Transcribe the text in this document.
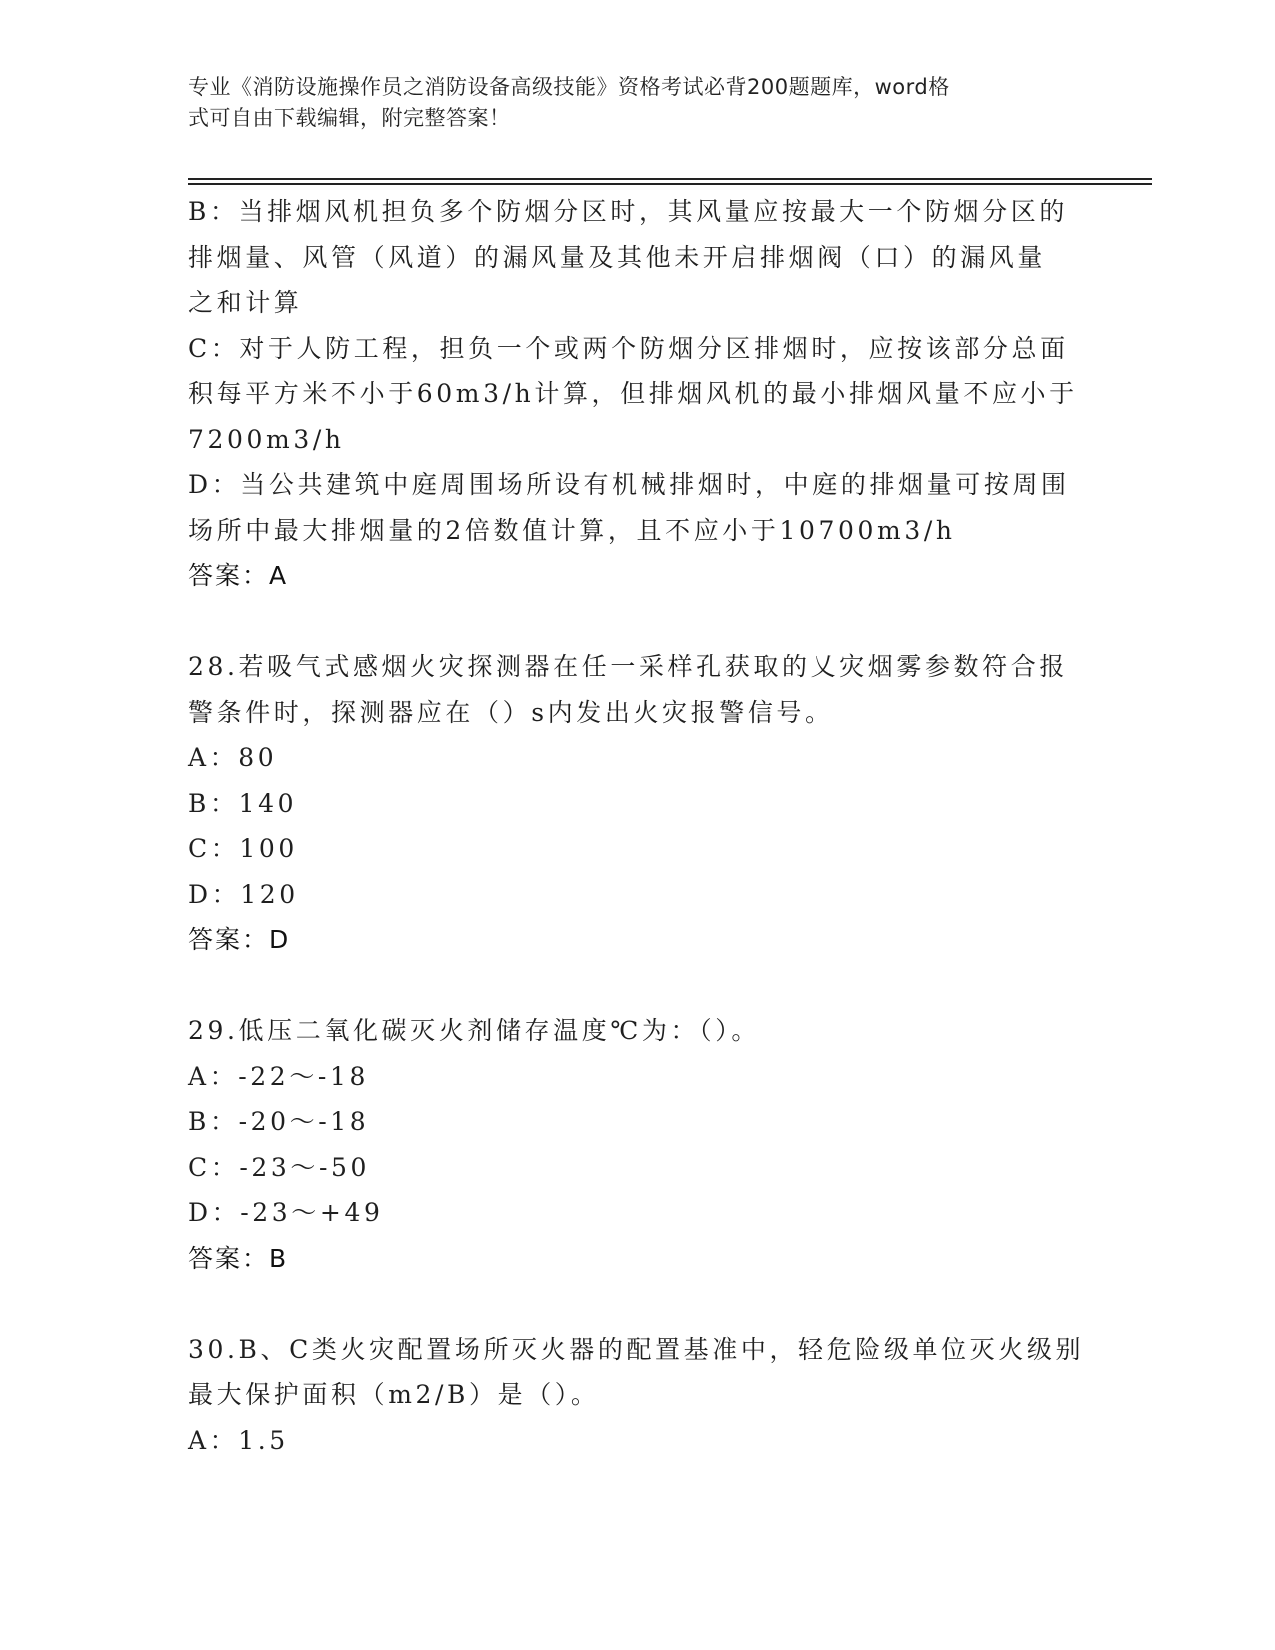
专业《消防设施操作员之消防设备高级技能》资格考试必背200题题库，word格
式可自由下载编辑，附完整答案！
B：当排烟风机担负多个防烟分区时，其风量应按最大一个防烟分区的
排烟量、风管（风道）的漏风量及其他未开启排烟阀（口）的漏风量
之和计算
C：对于人防工程，担负一个或两个防烟分区排烟时，应按该部分总面
积每平方米不小于60m3/h计算，但排烟风机的最小排烟风量不应小于
7200m3/h
D：当公共建筑中庭周围场所设有机械排烟时，中庭的排烟量可按周围
场所中最大排烟量的2倍数值计算，且不应小于10700m3/h
答案：A
28.若吸气式感烟火灾探测器在任一采样孔获取的乂灾烟雾参数符合报
警条件时，探测器应在（）s内发出火灾报警信号。
A：80
B：140
C：100
D：120
答案：D
29.低压二氧化碳灭火剂储存温度℃为：（）。
A：-22～-18
B：-20～-18
C：-23～-50
D：-23～+49
答案：B
30.B、C类火灾配置场所灭火器的配置基准中，轻危险级单位灭火级别
最大保护面积（m2/B）是（）。
A：1.5
